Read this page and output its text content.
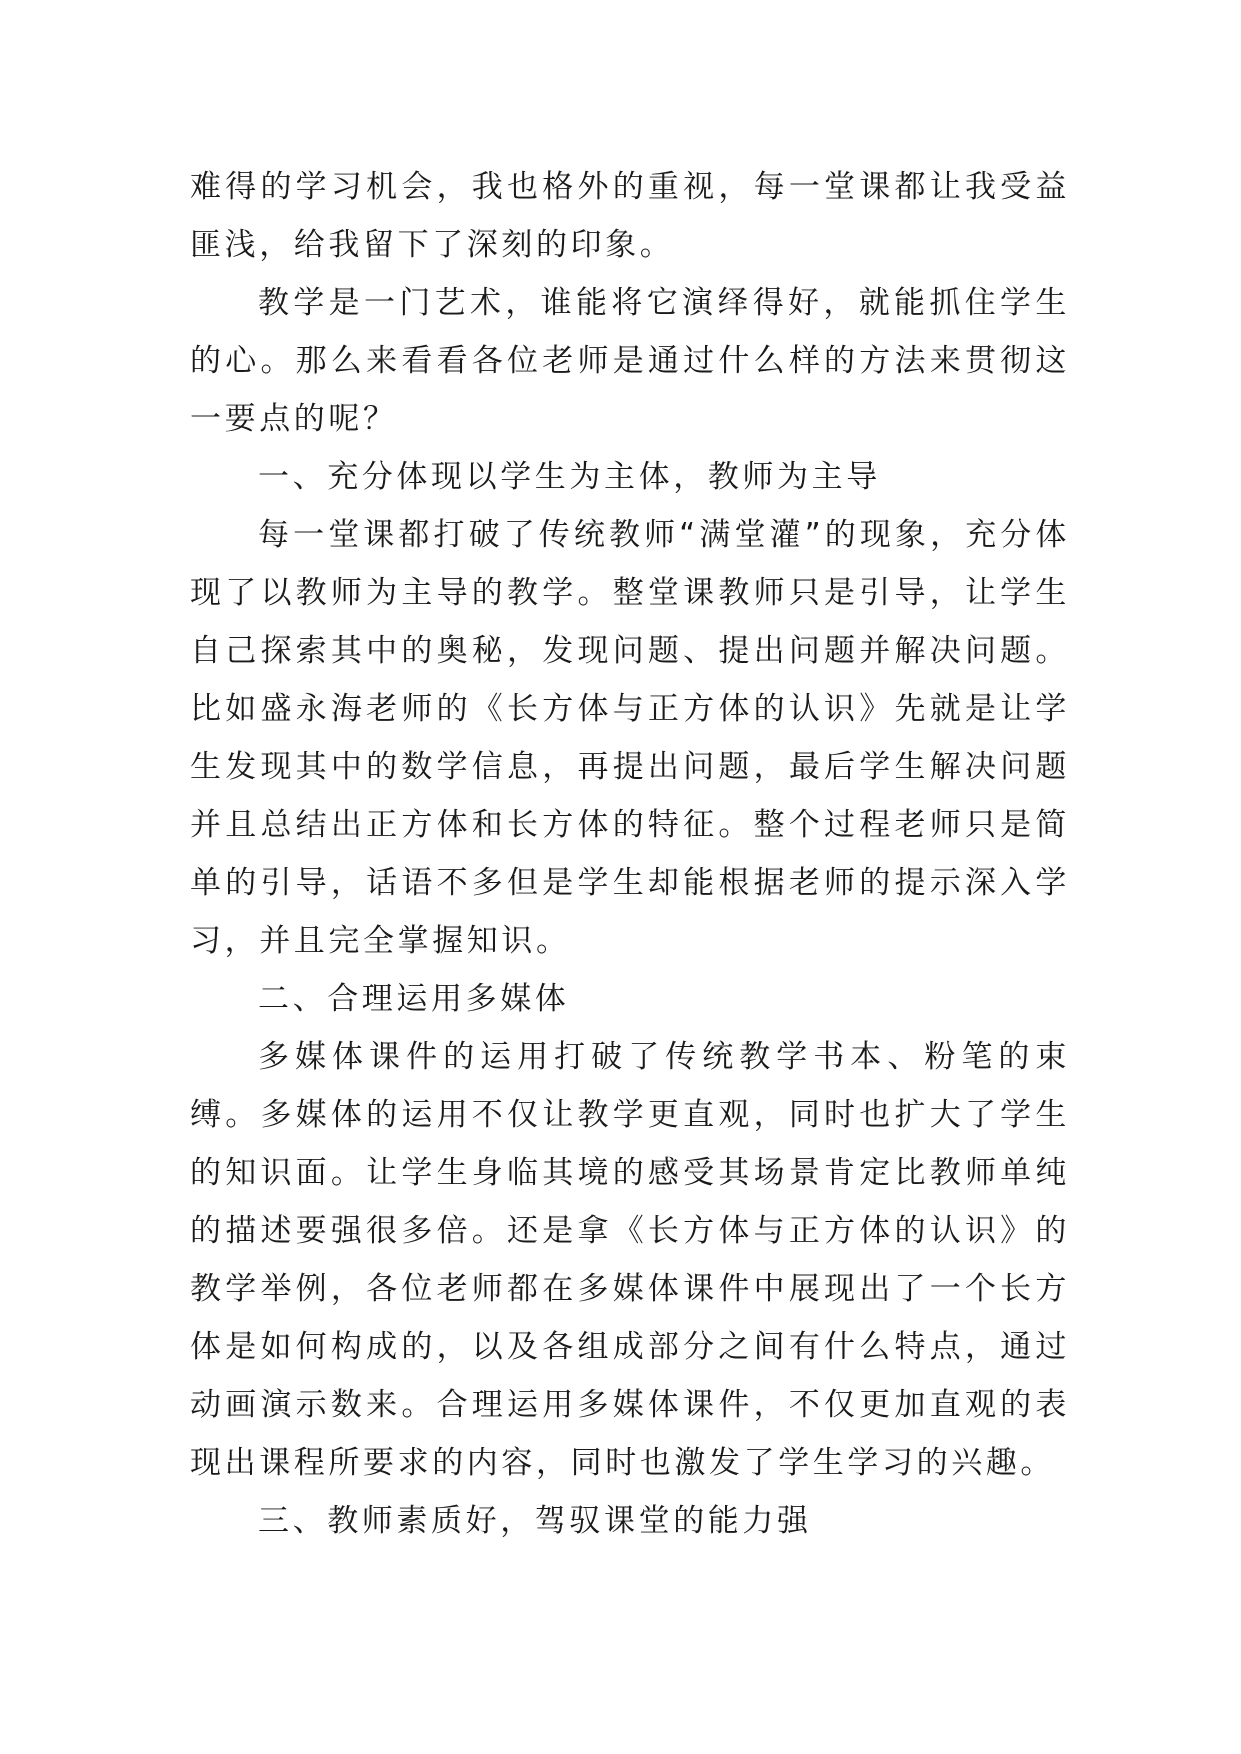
难得的学习机会，我也格外的重视，每一堂课都让我受益匪浅，给我留下了深刻的印象。

教学是一门艺术，谁能将它演绎得好，就能抓住学生的心。那么来看看各位老师是通过什么样的方法来贯彻这一要点的呢？

一、充分体现以学生为主体，教师为主导

每一堂课都打破了传统教师“满堂灌”的现象，充分体现了以教师为主导的教学。整堂课教师只是引导，让学生自己探索其中的奥秘，发现问题、提出问题并解决问题。比如盛永海老师的《长方体与正方体的认识》先就是让学生发现其中的数学信息，再提出问题，最后学生解决问题并且总结出正方体和长方体的特征。整个过程老师只是简单的引导，话语不多但是学生却能根据老师的提示深入学习，并且完全掌握知识。

二、合理运用多媒体

多媒体课件的运用打破了传统教学书本、粉笔的束缚。多媒体的运用不仅让教学更直观，同时也扩大了学生的知识面。让学生身临其境的感受其场景肯定比教师单纯的描述要强很多倍。还是拿《长方体与正方体的认识》的教学举例，各位老师都在多媒体课件中展现出了一个长方体是如何构成的，以及各组成部分之间有什么特点，通过动画演示数来。合理运用多媒体课件，不仅更加直观的表现出课程所要求的内容，同时也激发了学生学习的兴趣。

三、教师素质好，驾驭课堂的能力强
